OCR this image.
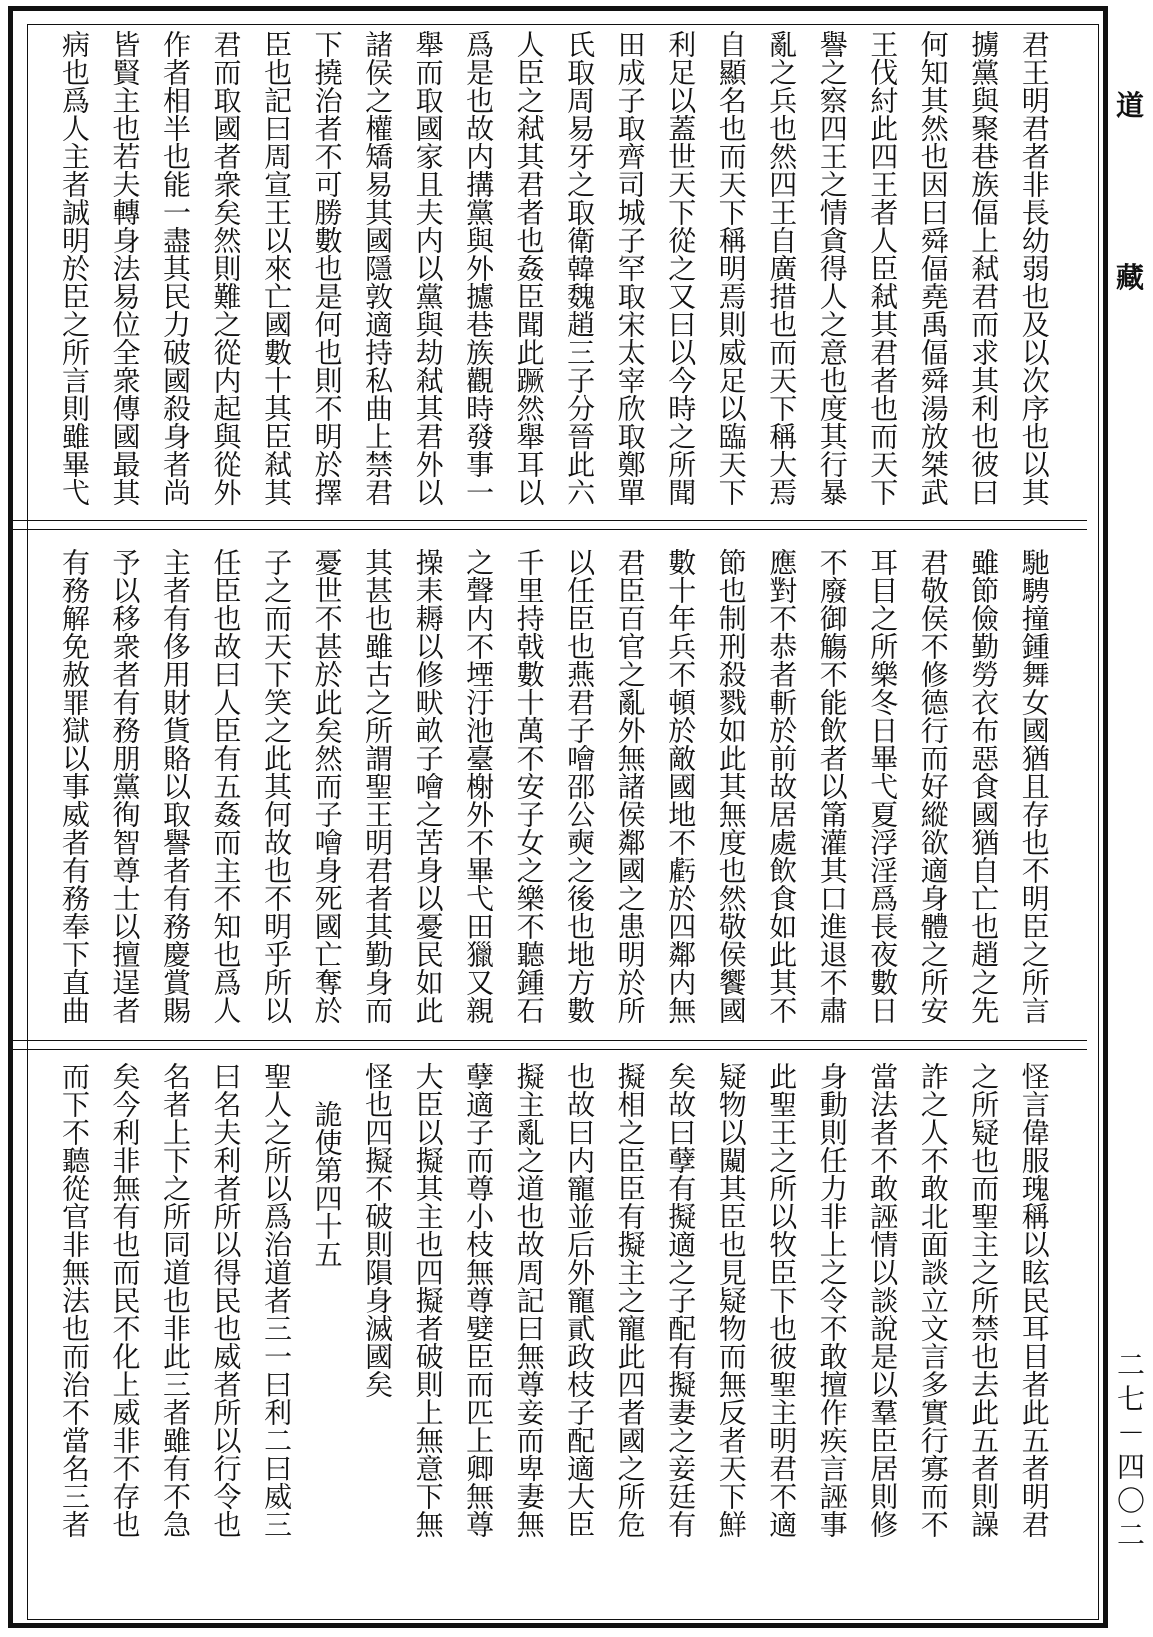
君王明君者非長幼弱也及以次序也以其
擄黨與聚巷族偪上弒君而求其利也彼曰
何知其然也因曰舜偪堯禹偪舜湯放桀武
王伐紂此四王者人臣弒其君者也而天下
譽之察四王之情貪得人之意也度其行暴
亂之兵也然四王自廣措也而天下稱大焉
自顯名也而天下稱明焉則威足以臨天下
利足以蓋世天下從之又曰以今時之所聞
田成子取齊司城子罕取宋太宰欣取鄭單
氏取周易牙之取衛韓魏趙三子分晉此六
人臣之弒其君者也姦臣聞此蹶然舉耳以
爲是也故内搆黨與外攄巷族觀時發事一
舉而取國家且夫内以黨與劫弒其君外以
諸侯之權矯易其國隱敦適持私曲上禁君
下撓治者不可勝數也是何也則不明於擇
臣也記曰周宣王以來亡國數十其臣弒其
君而取國者衆矣然則難之從内起與從外
作者相半也能一盡其民力破國殺身者尚
皆賢主也若夫轉身法易位全衆傳國最其
病也爲人主者誠明於臣之所言則雖畢弋
馳騁撞鍾舞女國猶且存也不明臣之所言
雖節儉勤勞衣布惡食國猶自亡也趙之先
君敬侯不修德行而好縱欲適身體之所安
耳目之所樂冬日畢弋夏浮淫爲長夜數日
不廢御觴不能飲者以筩灌其口進退不肅
應對不恭者斬於前故居處飲食如此其不
節也制刑殺戮如此其無度也然敬侯饗國
數十年兵不頓於敵國地不虧於四鄰内無
君臣百官之亂外無諸侯鄰國之患明於所
以任臣也燕君子噲邵公奭之後也地方數
千里持戟數十萬不安子女之樂不聽鍾石
之聲内不堙汙池臺榭外不畢弋田獵又親
操耒耨以修畎畝子噲之苦身以憂民如此
其甚也雖古之所謂聖王明君者其勤身而
憂世不甚於此矣然而子噲身死國亡奪於
子之而天下笑之此其何故也不明乎所以
任臣也故曰人臣有五姦而主不知也爲人
主者有侈用財貨賂以取譽者有務慶賞賜
予以移衆者有務朋黨徇智尊士以擅逞者
有務解免赦罪獄以事威者有務奉下直曲
怪言偉服瑰稱以眩民耳目者此五者明君
之所疑也而聖主之所禁也去此五者則譟
詐之人不敢北面談立文言多實行寡而不
當法者不敢誣情以談說是以羣臣居則修
身動則任力非上之令不敢擅作疾言誣事
此聖王之所以牧臣下也彼聖主明君不適
疑物以闚其臣也見疑物而無反者天下鮮
矣故曰孽有擬適之子配有擬妻之妾廷有
擬相之臣臣有擬主之寵此四者國之所危
也故曰内寵並后外寵貳政枝子配適大臣
擬主亂之道也故周記曰無尊妾而卑妻無
孽適子而尊小枝無尊嬖臣而匹上卿無尊
大臣以擬其主也四擬者破則上無意下無
怪也四擬不破則隕身滅國矣
詭使第四十五
聖人之所以爲治道者三一曰利二曰威三
曰名夫利者所以得民也威者所以行令也
名者上下之所同道也非此三者雖有不急
矣今利非無有也而民不化上威非不存也
而下不聽從官非無法也而治不當名三者
道
藏
二七－四〇二
